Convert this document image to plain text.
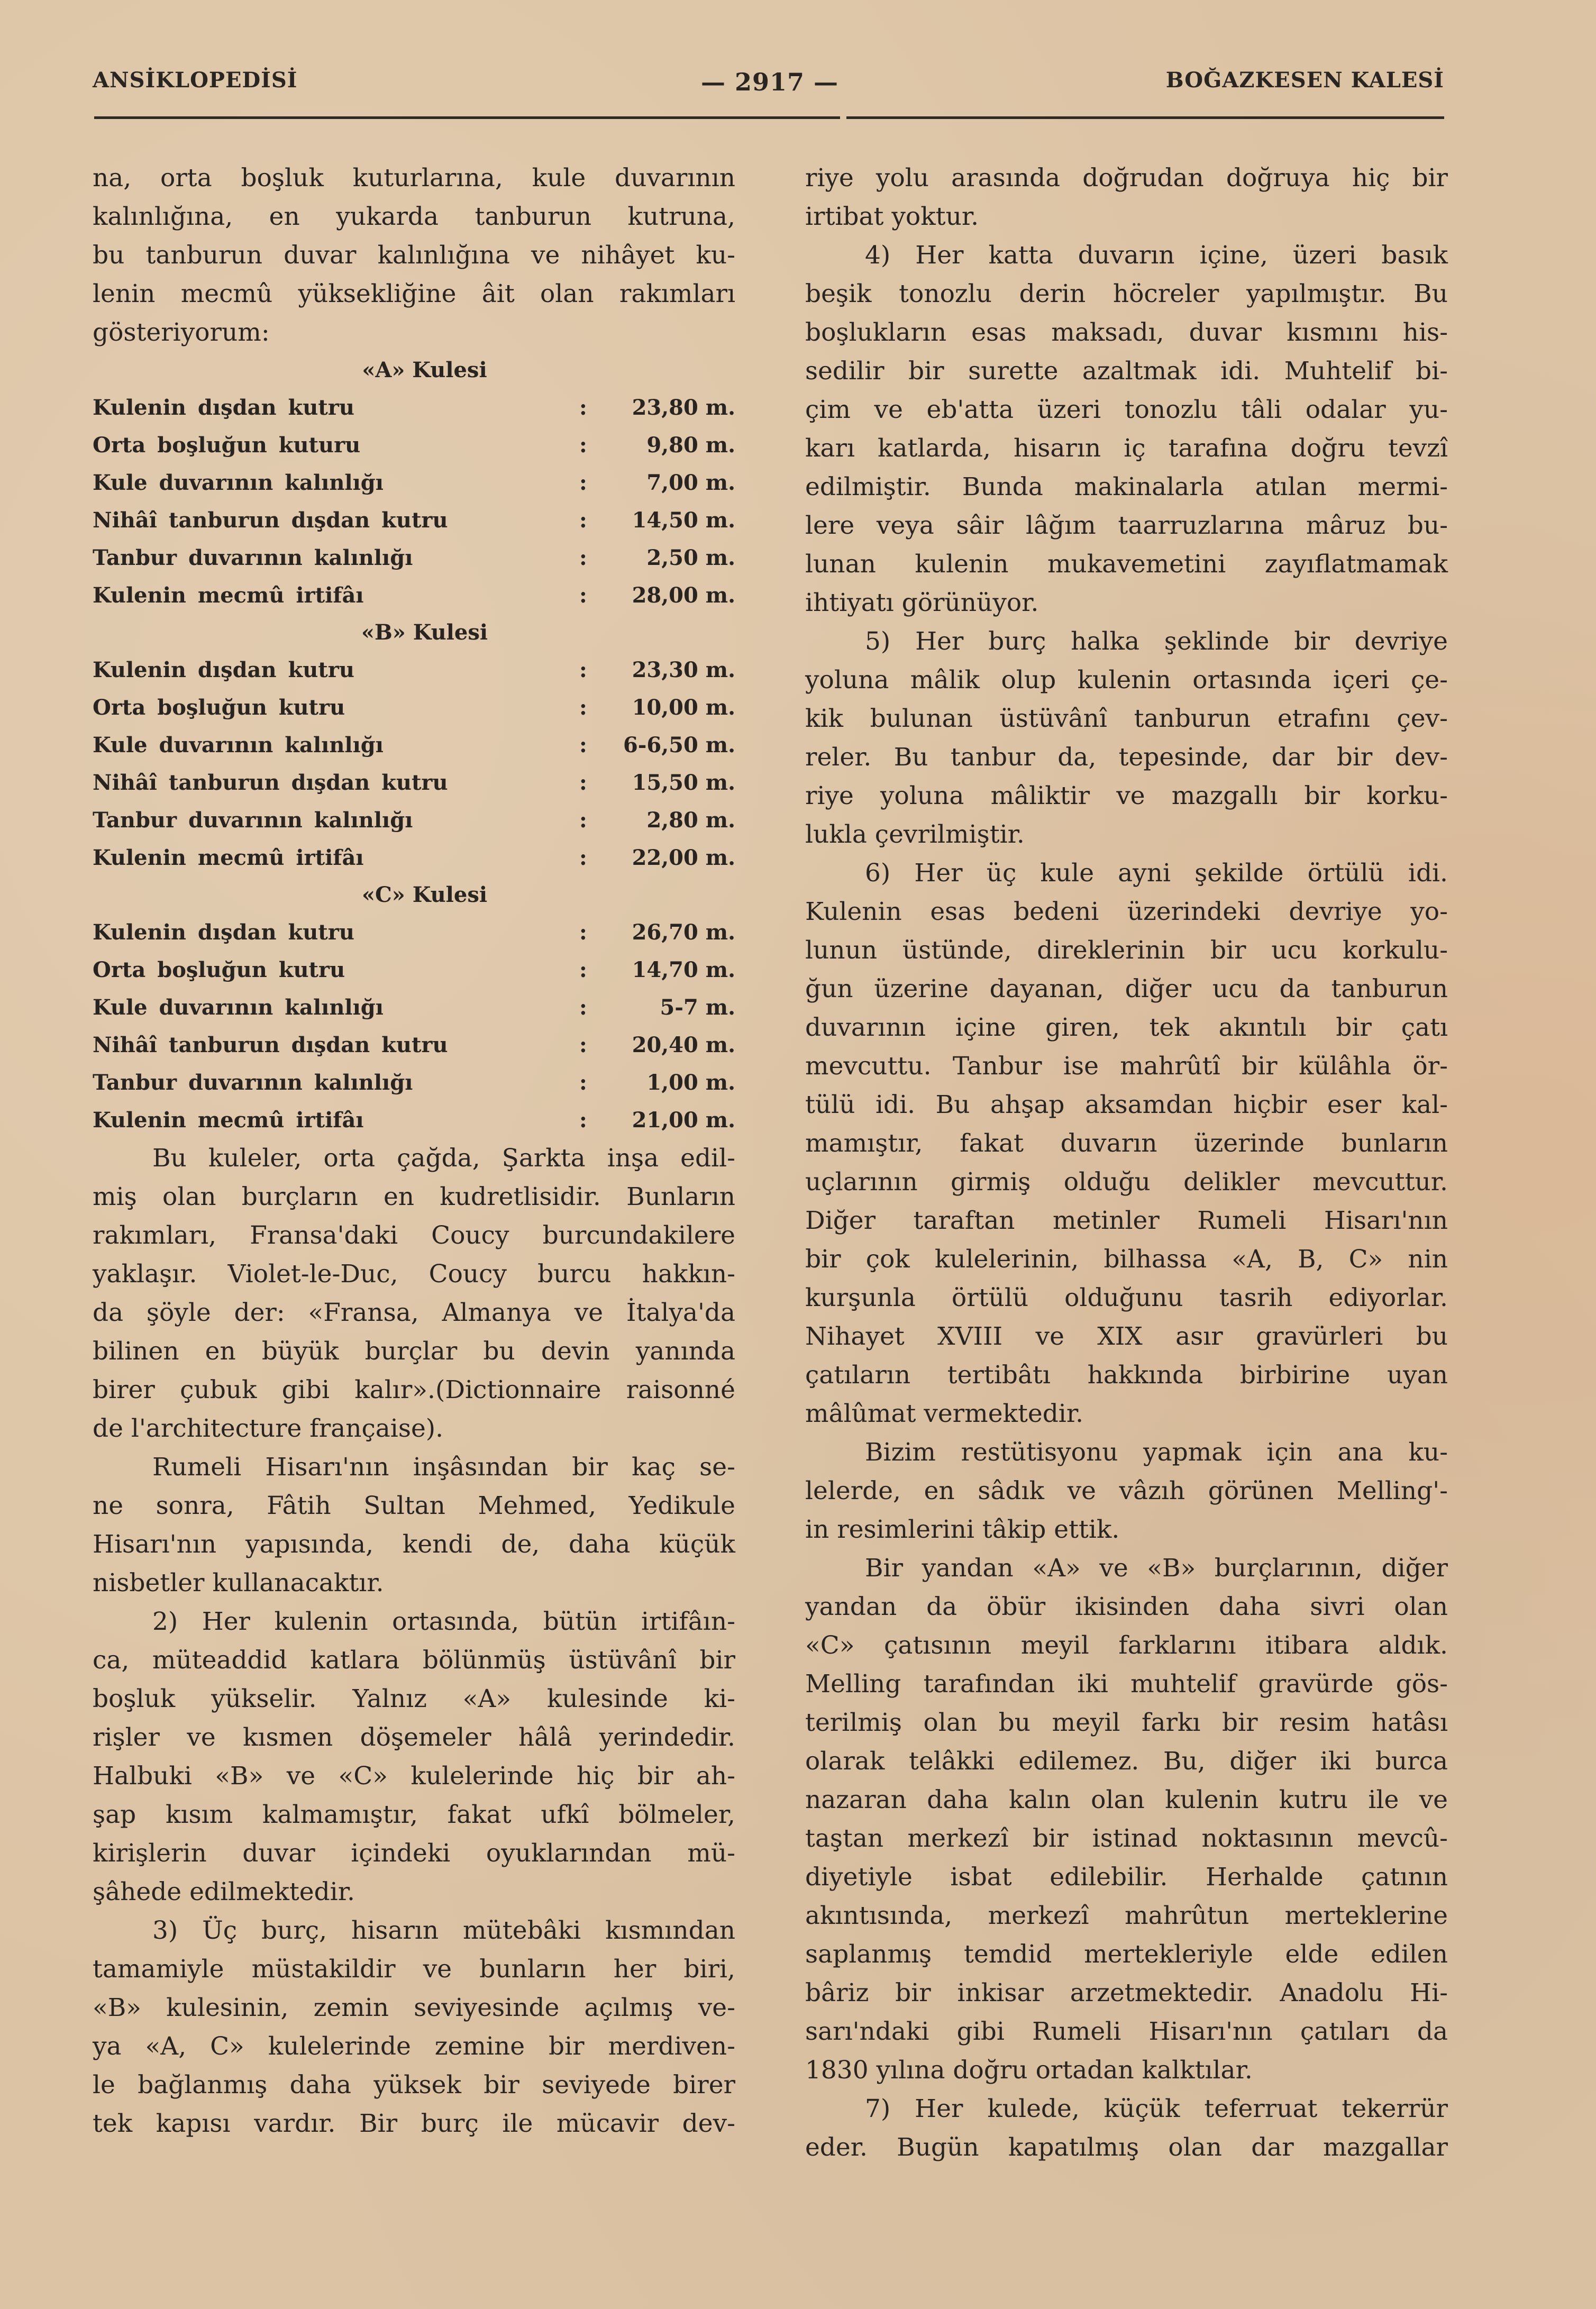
ANSİKLOPEDİSİ	— 2917 —	BOĞAZKESEN KALESİ
na, orta boşluk kuturlarına, kule duvarının
kalınlığına, en yukarda tanburun kutruna,
bu tanburun duvar kalınlığına ve nihâyet ku-
lenin mecmû yüksekliğine âit olan rakımları
gösteriyorum:
«A» Kulesi
Kulenin dışdan kutru	: 23,80 m.
Orta boşluğun kuturu	:	9,80 m.
Kule duvarının kalınlığı	:	7,00 m.
Nihâî tanburun dışdan kutru	: 14,50 m.
Tanbur duvarının kalınlığı	:	2,50 m.
Kulenin mecmû irtifâı	: 28,00 m.
«B» Kulesi
Kulenin dışdan kutru	: 23,30 m.
Orta boşluğun kutru	: 10,00 m.
Kule duvarının kalınlığı	: 6-6,50 m.
Nihâî tanburun dışdan kutru	: 15,50 m.
Tanbur duvarının kalınlığı	:	2,80 m.
Kulenin mecmû irtifâı	: 22,00 m.
«C» Kulesi
Kulenin dışdan kutru	: 26,70 m.
Orta boşluğun kutru	: 14,70 m.
Kule duvarının kalınlığı	:	5-7 m.
Nihâî tanburun dışdan kutru	: 20,40 m.
Tanbur duvarının kalınlığı	:	1,00 m.
Kulenin mecmû irtifâı	: 21,00 m.
Bu kuleler, orta çağda, Şarkta inşa edil-
miş olan burçların en kudretlisidir. Bunların
rakımları, Fransa'daki Coucy burcundakilere
yaklaşır. Violet-le-Duc, Coucy burcu hakkın-
da şöyle der: «Fransa, Almanya ve İtalya'da
bilinen en büyük burçlar bu devin yanında
birer çubuk gibi kalır».(Dictionnaire raisonné
de l'architecture française).
Rumeli Hisarı'nın inşâsından bir kaç se-
ne sonra, Fâtih Sultan Mehmed, Yedikule
Hisarı'nın yapısında, kendi de, daha küçük
nisbetler kullanacaktır.
2) Her kulenin ortasında, bütün irtifâın-
ca, müteaddid katlara bölünmüş üstüvânî bir
boşluk yükselir. Yalnız «A» kulesinde ki-
rişler ve kısmen döşemeler hâlâ yerindedir.
Halbuki «B» ve «C» kulelerinde hiç bir ah-
şap kısım kalmamıştır, fakat ufkî bölmeler,
kirişlerin duvar içindeki oyuklarından mü-
şâhede edilmektedir.
3) Üç burç, hisarın mütebâki kısmından
tamamiyle müstakildir ve bunların her biri,
«B» kulesinin, zemin seviyesinde açılmış ve-
ya «A, C» kulelerinde zemine bir merdiven-
le bağlanmış daha yüksek bir seviyede birer
tek kapısı vardır. Bir burç ile mücavir dev-
riye yolu arasında doğrudan doğruya hiç bir
irtibat yoktur.
4) Her katta duvarın içine, üzeri basık
beşik tonozlu derin höcreler yapılmıştır. Bu
boşlukların esas maksadı, duvar kısmını his-
sedilir bir surette azaltmak idi. Muhtelif bi-
çim ve eb'atta üzeri tonozlu tâli odalar yu-
karı katlarda, hisarın iç tarafına doğru tevzî
edilmiştir. Bunda makinalarla atılan mermi-
lere veya sâir lâğım taarruzlarına mâruz bu-
lunan kulenin mukavemetini zayıflatmamak
ihtiyatı görünüyor.
5) Her burç halka şeklinde bir devriye
yoluna mâlik olup kulenin ortasında içeri çe-
kik bulunan üstüvânî tanburun etrafını çev-
reler. Bu tanbur da, tepesinde, dar bir dev-
riye yoluna mâliktir ve mazgallı bir korku-
lukla çevrilmiştir.
6) Her üç kule ayni şekilde örtülü idi.
Kulenin esas bedeni üzerindeki devriye yo-
lunun üstünde, direklerinin bir ucu korkulu-
ğun üzerine dayanan, diğer ucu da tanburun
duvarının içine giren, tek akıntılı bir çatı
mevcuttu. Tanbur ise mahrûtî bir külâhla ör-
tülü idi. Bu ahşap aksamdan hiçbir eser kal-
mamıştır, fakat duvarın üzerinde bunların
uçlarının girmiş olduğu delikler mevcuttur.
Diğer taraftan metinler Rumeli Hisarı'nın
bir çok kulelerinin, bilhassa «A, B, C» nin
kurşunla örtülü olduğunu tasrih ediyorlar.
Nihayet XVIII ve XIX asır gravürleri bu
çatıların tertibâtı hakkında birbirine uyan
mâlûmat vermektedir.
Bizim restütisyonu yapmak için ana ku-
lelerde, en sâdık ve vâzıh görünen Melling'-
in resimlerini tâkip ettik.
Bir yandan «A» ve «B» burçlarının, diğer
yandan da öbür ikisinden daha sivri olan
«C» çatısının meyil farklarını itibara aldık.
Melling tarafından iki muhtelif gravürde gös-
terilmiş olan bu meyil farkı bir resim hatâsı
olarak telâkki edilemez. Bu, diğer iki burca
nazaran daha kalın olan kulenin kutru ile ve
taştan merkezî bir istinad noktasının mevcû-
diyetiyle isbat edilebilir. Herhalde çatının
akıntısında, merkezî mahrûtun merteklerine
saplanmış temdid mertekleriyle elde edilen
bâriz bir inkisar arzetmektedir. Anadolu Hi-
sarı'ndaki gibi Rumeli Hisarı'nın çatıları da
1830 yılına doğru ortadan kalktılar.
7) Her kulede, küçük teferruat tekerrür
eder. Bugün kapatılmış olan dar mazgallar
